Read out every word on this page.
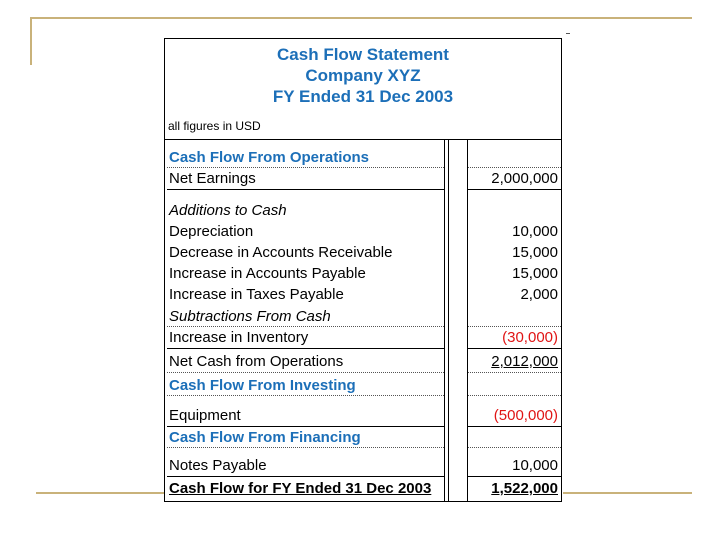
Cash Flow Statement
Company XYZ
FY Ended 31 Dec 2003
all figures in USD
Cash Flow From Operations
Net Earnings	2,000,000
Additions to Cash
Depreciation	10,000
Decrease in Accounts Receivable	15,000
Increase in Accounts Payable	15,000
Increase in Taxes Payable	2,000
Subtractions From Cash
Increase in Inventory	(30,000)
Net Cash from Operations	2,012,000
Cash Flow From Investing
Equipment	(500,000)
Cash Flow From Financing
Notes Payable	10,000
Cash Flow for FY Ended 31 Dec 2003	1,522,000
